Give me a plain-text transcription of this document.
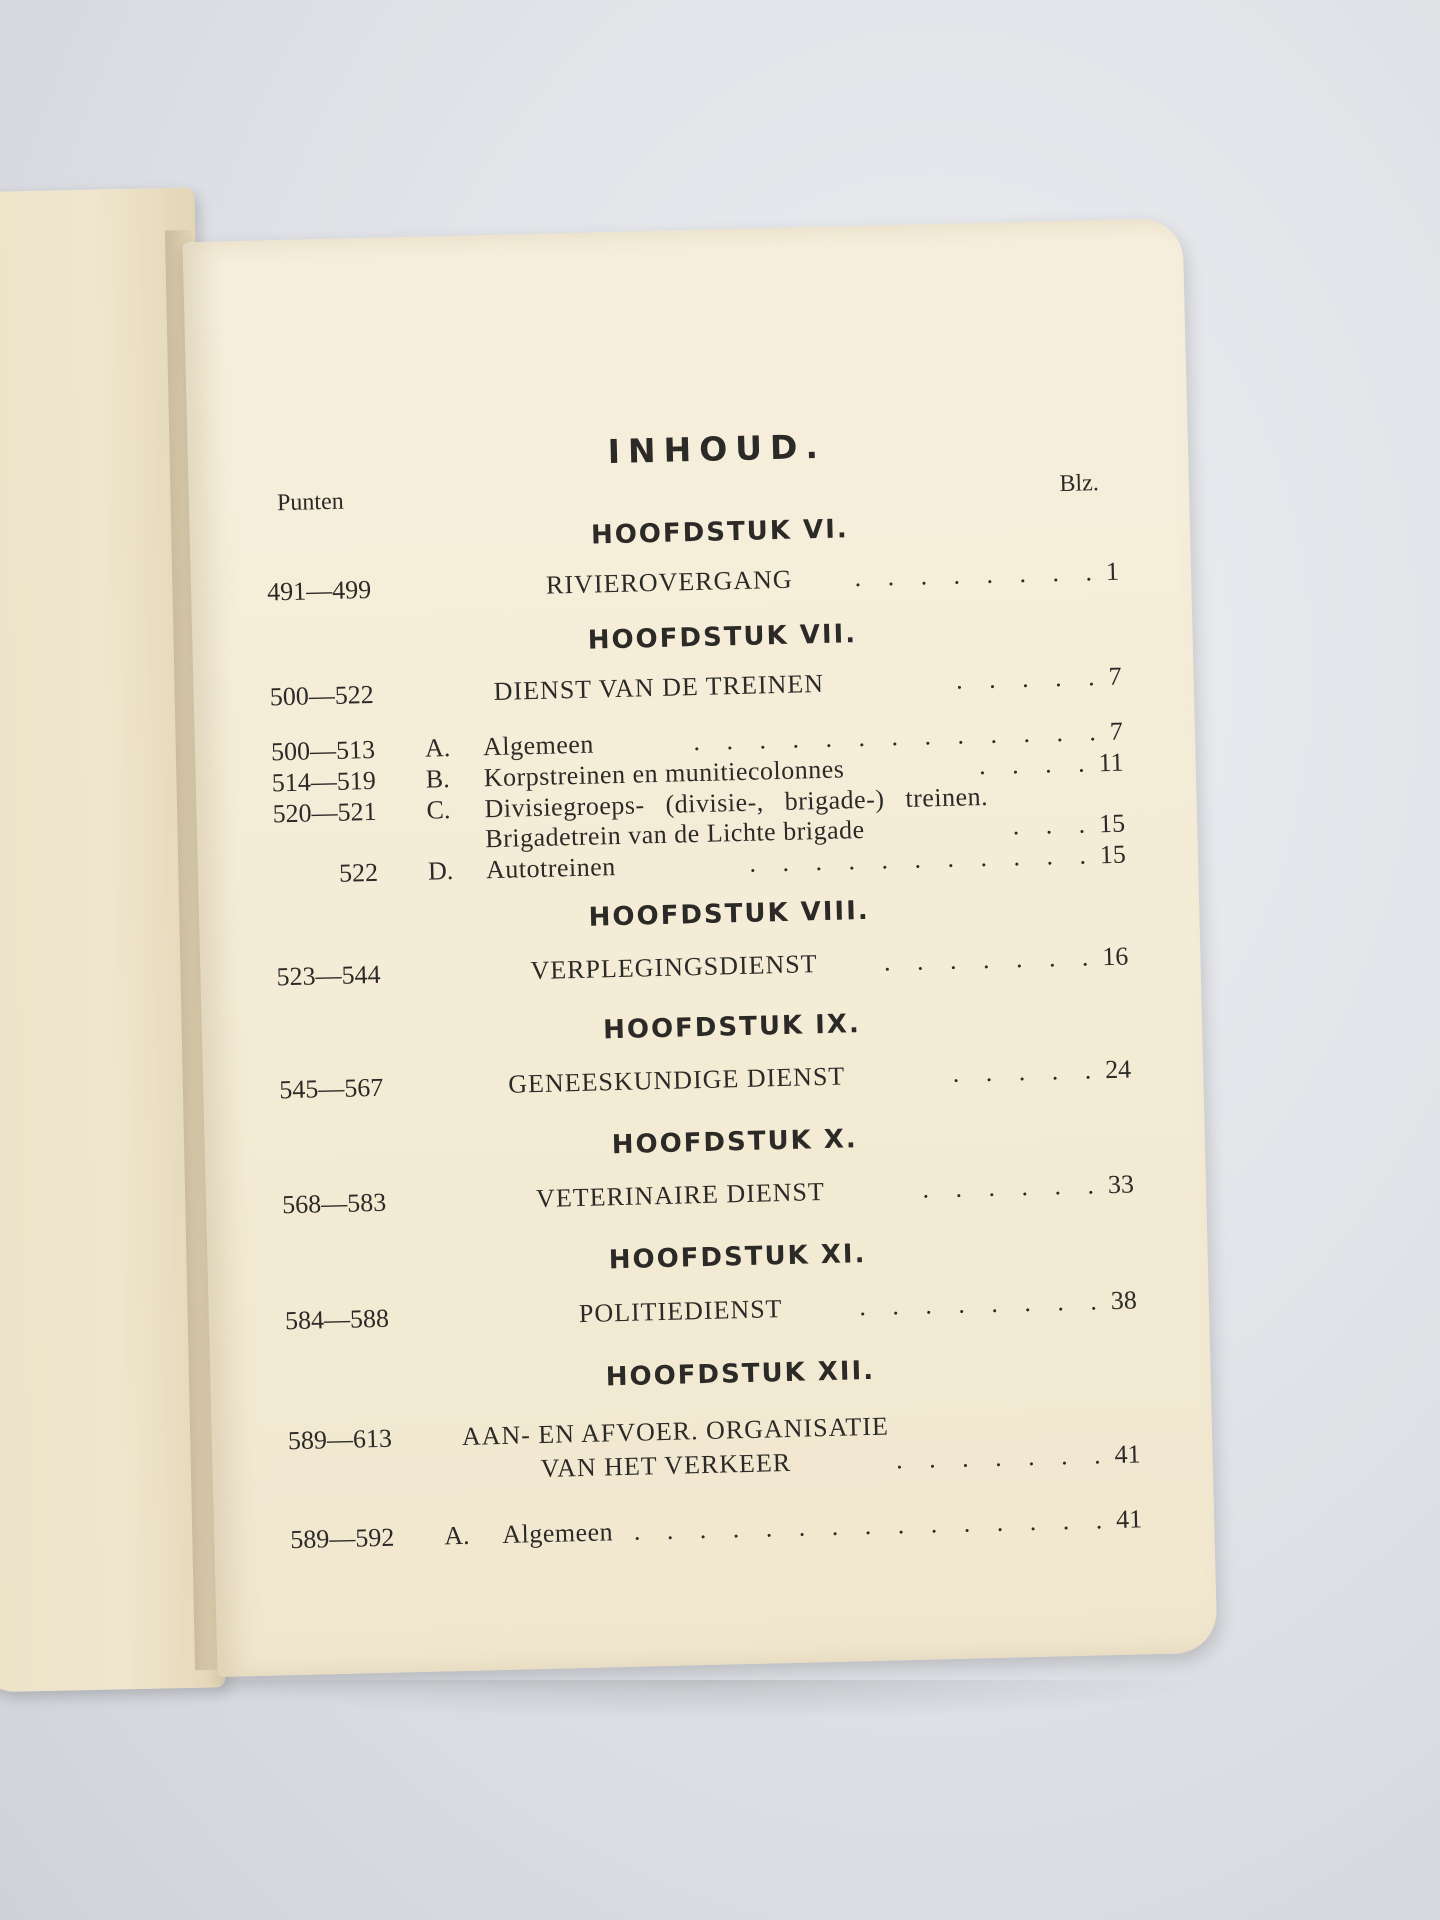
INHOUD.
Punten
Blz.
HOOFDSTUK VI.
491—499	RIVIEROVERGANG . . . . . . . . 1
HOOFDSTUK VII.
500—522	DIENST VAN DE TREINEN	. . . . . 7
500—513 A. Algemeen	. . . . . . . . . . . . . 7
514—519 B. Korpstreinen en munitiecolonnes	. . . . 11
520—521 C. Divisiegroeps- (divisie-, brigade-) treinen.
Brigadetrein van de Lichte brigade	. . . 15
522 D. Autotreinen	. . . . . . . . . . . 15
HOOFDSTUK VIII.
523—544	VERPLEGINGSDIENST	. . . . . . . 16
HOOFDSTUK IX.
545—567	GENEESKUNDIGE DIENST	. . . . . 24
HOOFDSTUK X.
568—583	VETERINAIRE DIENST	. . . . . . 33
HOOFDSTUK XI.
584—588	POLITIEDIENST	. . . . . . . . 38
HOOFDSTUK XII.
589—613	AAN- EN AFVOER. ORGANISATIE
VAN HET VERKEER	. . . . . . . 41
589—592 A. Algemeen . . . . . . . . . . . . . . . 41
